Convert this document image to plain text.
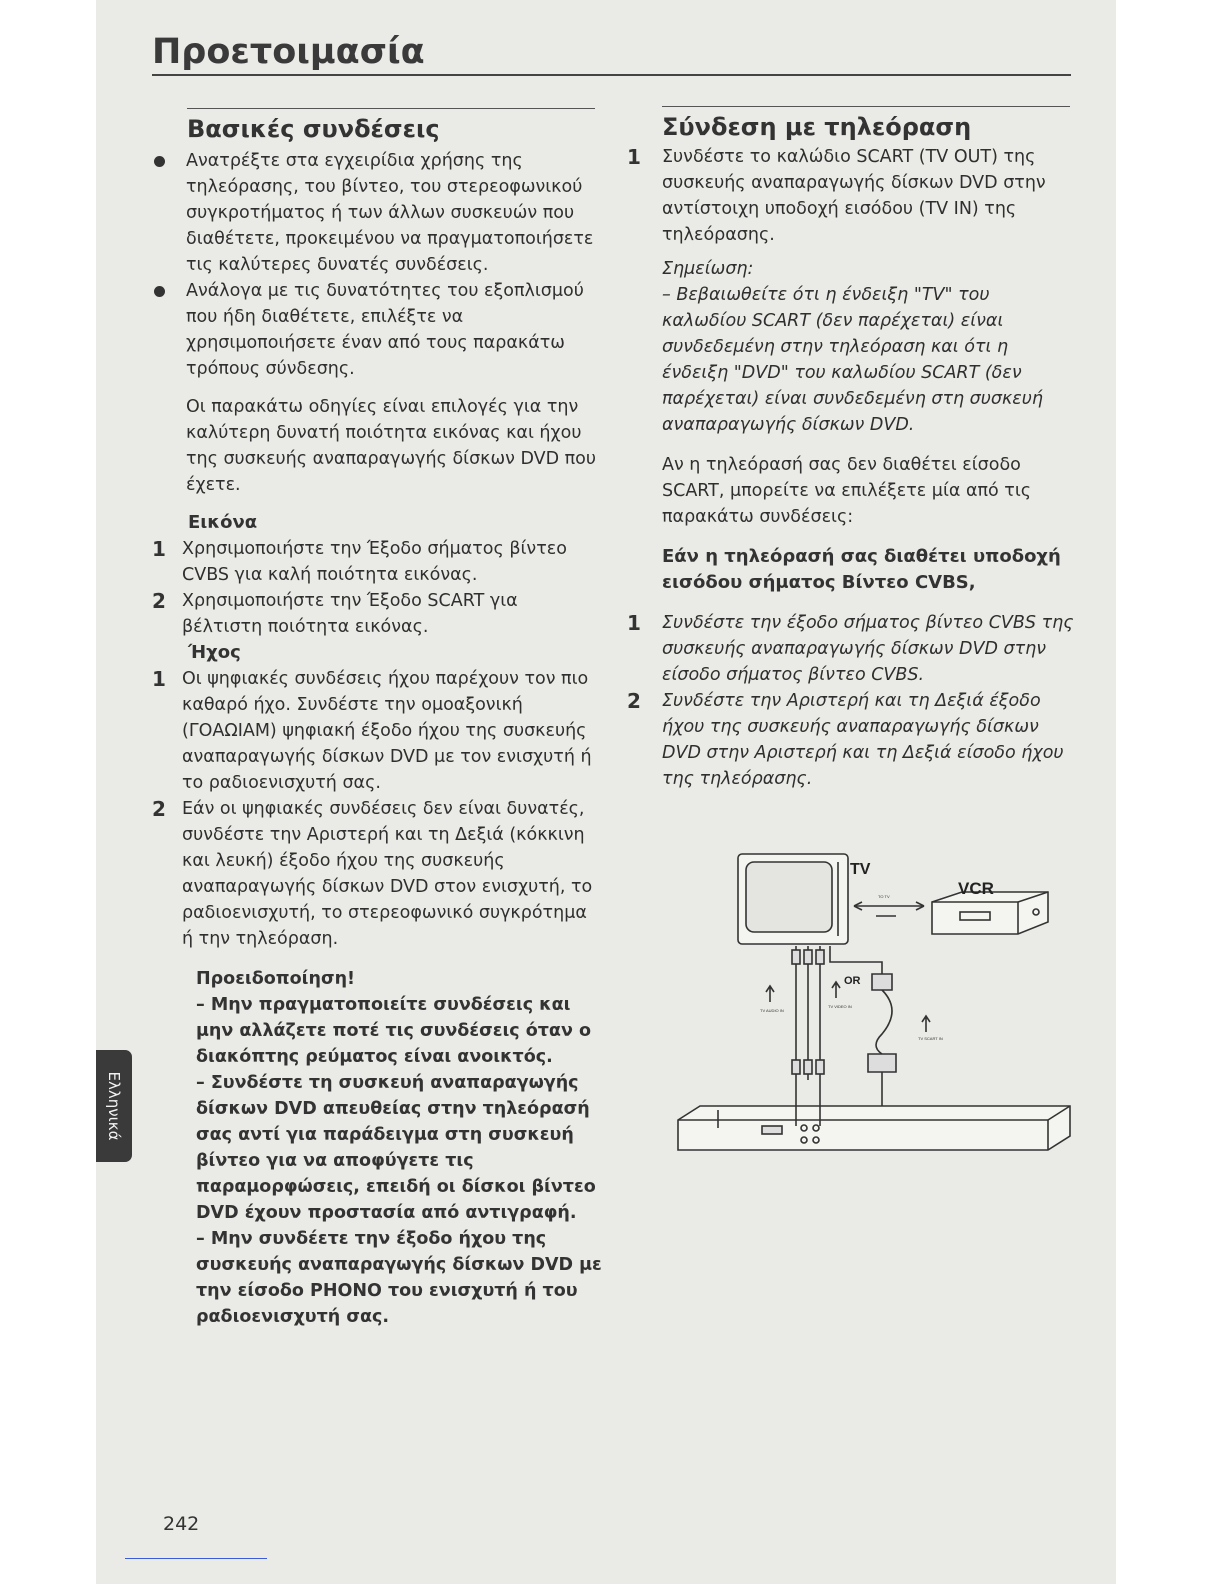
Προετοιμασία

Βασικές συνδέσεις

Ανατρέξτε στα εγχειρίδια χρήσης της τηλεόρασης, του βίντεο, του στερεοφωνικού συγκροτήματος ή των άλλων συσκευών που διαθέτετε, προκειμένου να πραγματοποιήσετε τις καλύτερες δυνατές συνδέσεις.

Ανάλογα με τις δυνατότητες του εξοπλισμού που ήδη διαθέτετε, επιλέξτε να χρησιμοποιήσετε έναν από τους παρακάτω τρόπους σύνδεσης.

Οι παρακάτω οδηγίες είναι επιλογές για την καλύτερη δυνατή ποιότητα εικόνας και ήχου της συσκευής αναπαραγωγής δίσκων DVD που έχετε.

Εικόνα

1 Χρησιμοποιήστε την Έξοδο σήματος βίντεο CVBS για καλή ποιότητα εικόνας.

2 Χρησιμοποιήστε την Έξοδο SCART για βέλτιστη ποιότητα εικόνας.

Ήχος

1 Οι ψηφιακές συνδέσεις ήχου παρέχουν τον πιο καθαρό ήχο. Συνδέστε την ομοαξονική (ΓΟΑΩΙΑΜ) ψηφιακή έξοδο ήχου της συσκευής αναπαραγωγής δίσκων DVD με τον ενισχυτή ή το ραδιοενισχυτή σας.

2 Εάν οι ψηφιακές συνδέσεις δεν είναι δυνατές, συνδέστε την Αριστερή και τη Δεξιά (κόκκινη και λευκή) έξοδο ήχου της συσκευής αναπαραγωγής δίσκων DVD στον ενισχυτή, το ραδιοενισχυτή, το στερεοφωνικό συγκρότημα ή την τηλεόραση.

Προειδοποίηση!

– Μην πραγματοποιείτε συνδέσεις και μην αλλάζετε ποτέ τις συνδέσεις όταν ο διακόπτης ρεύματος είναι ανοικτός.

– Συνδέστε τη συσκευή αναπαραγωγής δίσκων DVD απευθείας στην τηλεόρασή σας αντί για παράδειγμα στη συσκευή βίντεο για να αποφύγετε τις παραμορφώσεις, επειδή οι δίσκοι βίντεο DVD έχουν προστασία από αντιγραφή.

– Μην συνδέετε την έξοδο ήχου της συσκευής αναπαραγωγής δίσκων DVD με την είσοδο PHONO του ενισχυτή ή του ραδιοενισχυτή σας.

Σύνδεση με τηλεόραση

1 Συνδέστε το καλώδιο SCART (TV OUT) της συσκευής αναπαραγωγής δίσκων DVD στην αντίστοιχη υποδοχή εισόδου (TV IN) της τηλεόρασης.

Σημείωση:

– Βεβαιωθείτε ότι η ένδειξη "TV" του καλωδίου SCART (δεν παρέχεται) είναι συνδεδεμένη στην τηλεόραση και ότι η ένδειξη "DVD" του καλωδίου SCART (δεν παρέχεται) είναι συνδεδεμένη στη συσκευή αναπαραγωγής δίσκων DVD.

Αν η τηλεόρασή σας δεν διαθέτει είσοδο SCART, μπορείτε να επιλέξετε μία από τις παρακάτω συνδέσεις:

Εάν η τηλεόρασή σας διαθέτει υποδοχή εισόδου σήματος Βίντεο CVBS,

1 Συνδέστε την έξοδο σήματος βίντεο CVBS της συσκευής αναπαραγωγής δίσκων DVD στην είσοδο σήματος βίντεο CVBS.

2 Συνδέστε την Αριστερή και τη Δεξιά έξοδο ήχου της συσκευής αναπαραγωγής δίσκων DVD στην Αριστερή και τη Δεξιά είσοδο ήχου της τηλεόρασης.

TV
VCR
OR
TO TV
TV AUDIO IN
TV VIDEO IN
TV SCART IN
Ελληνικά
242
